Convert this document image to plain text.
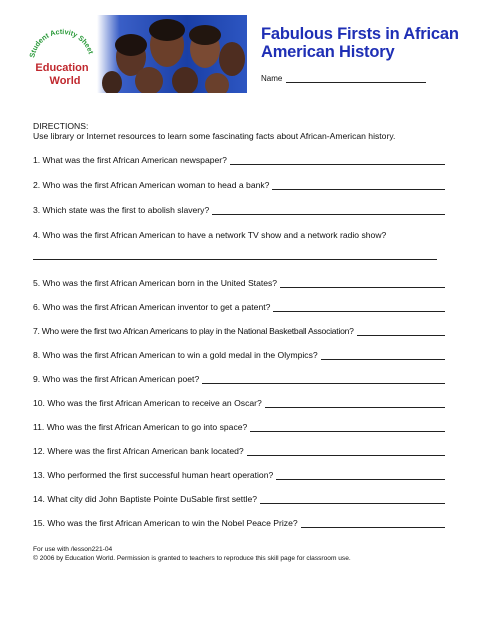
Student Activity Sheet
Education
World
Fabulous Firsts in African American History
Name
DIRECTIONS:
Use library or Internet resources to learn some fascinating facts about African-American history.
1. What was the first African American newspaper?
2. Who was the first African American woman to head a bank?
3. Which state was the first to abolish slavery?
4. Who was the first African American to have a network TV show and a network radio show?
5. Who was the first African American born in the United States?
6. Who was the first African American inventor to get a patent?
7. Who were the first two African Americans to play in the National Basketball Association?
8. Who was the first African American to win a gold medal in the Olympics?
9. Who was the first African American poet?
10. Who was the first African American to receive an Oscar?
11. Who was the first African American to go into space?
12. Where was the first African American bank located?
13. Who performed the first successful human heart operation?
14. What city did John Baptiste Pointe DuSable first settle?
15. Who was the first African American to win the Nobel Peace Prize?
For use with /lesson221-04
© 2006 by Education World. Permission is granted to teachers to reproduce this skill page for classroom use.
